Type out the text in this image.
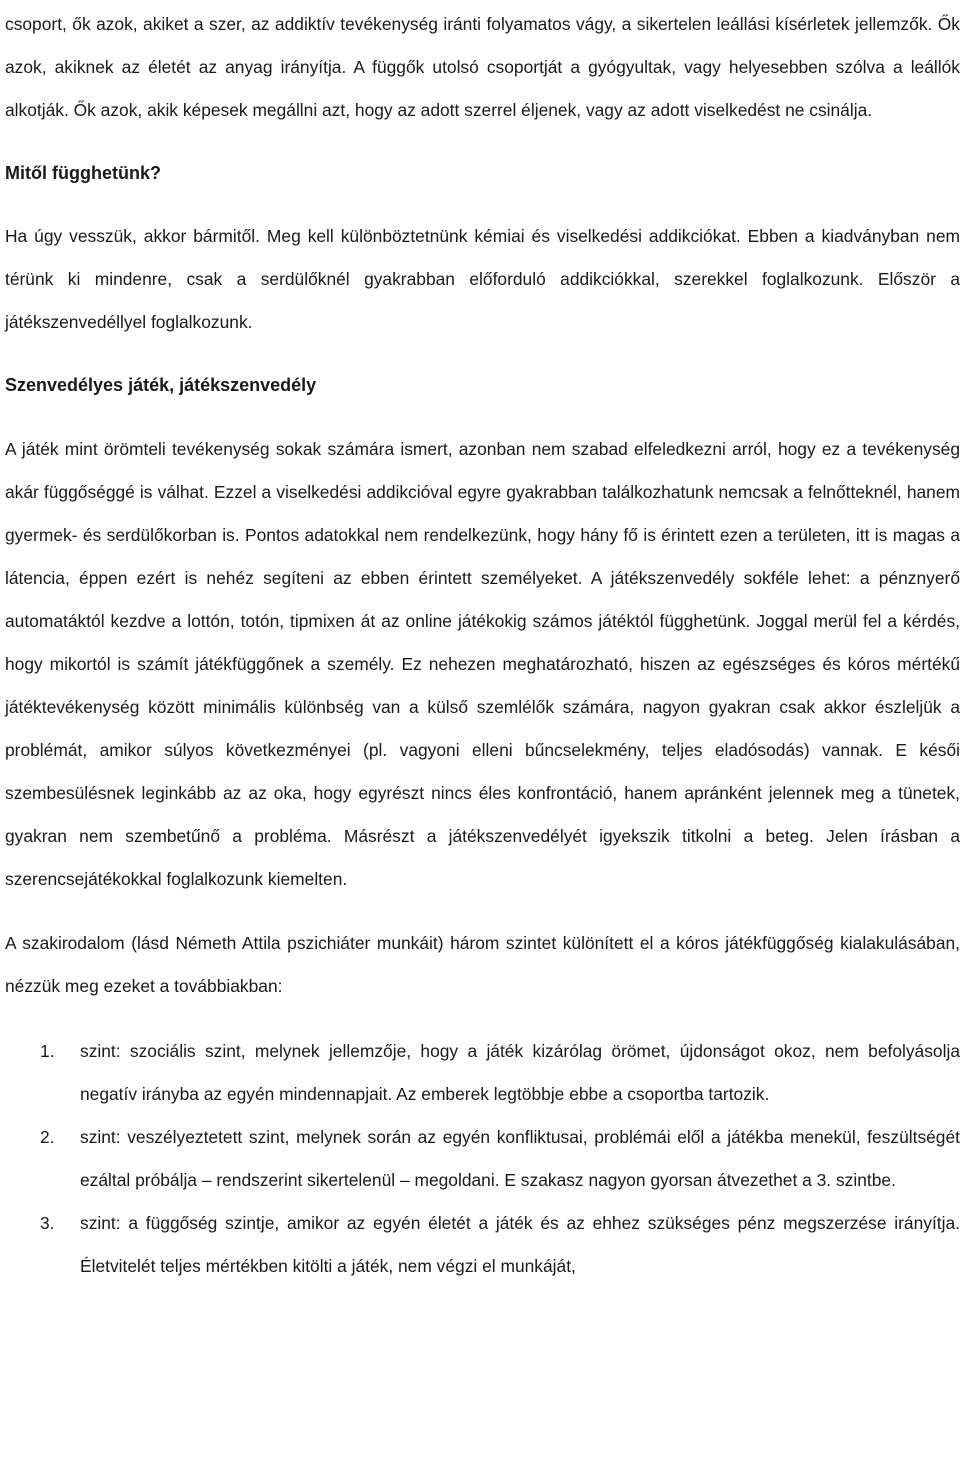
csoport, ők azok, akiket a szer, az addiktív tevékenység iránti folyamatos vágy, a sikertelen leállási kísérletek jellemzők. Ők azok, akiknek az életét az anyag irányítja. A függők utolsó csoportját a gyógyultak, vagy helyesebben szólva a leállók alkotják. Ők azok, akik képesek megállni azt, hogy az adott szerrel éljenek, vagy az adott viselkedést ne csinálja.

Mitől függhetünk?

Ha úgy vesszük, akkor bármitől. Meg kell különböztetnünk kémiai és viselkedési addikciókat. Ebben a kiadványban nem térünk ki mindenre, csak a serdülőknél gyakrabban előforduló addikciókkal, szerekkel foglalkozunk. Először a játékszenvedéllyel foglalkozunk.

Szenvedélyes játék, játékszenvedély

A játék mint örömteli tevékenység sokak számára ismert, azonban nem szabad elfeledkezni arról, hogy ez a tevékenység akár függőséggé is válhat. Ezzel a viselkedési addikcióval egyre gyakrabban találkozhatunk nemcsak a felnőtteknél, hanem gyermek- és serdülőkorban is. Pontos adatokkal nem rendelkezünk, hogy hány fő is érintett ezen a területen, itt is magas a látencia, éppen ezért is nehéz segíteni az ebben érintett személyeket. A játékszenvedély sokféle lehet: a pénznyerő automatáktól kezdve a lottón, totón, tipmixen át az online játékokig számos játéktól függhetünk. Joggal merül fel a kérdés, hogy mikortól is számít játékfüggőnek a személy. Ez nehezen meghatározható, hiszen az egészséges és kóros mértékű játéktevékenység között minimális különbség van a külső szemlélők számára, nagyon gyakran csak akkor észleljük a problémát, amikor súlyos következményei (pl. vagyoni elleni bűncselekmény, teljes eladósodás) vannak. E késői szembesülésnek leginkább az az oka, hogy egyrészt nincs éles konfrontáció, hanem apránként jelennek meg a tünetek, gyakran nem szembetűnő a probléma. Másrészt a játékszenvedélyét igyekszik titkolni a beteg. Jelen írásban a szerencsejátékokkal foglalkozunk kiemelten.

A szakirodalom (lásd Németh Attila pszichiáter munkáit) három szintet különített el a kóros játékfüggőség kialakulásában, nézzük meg ezeket a továbbiakban:

1. szint: szociális szint, melynek jellemzője, hogy a játék kizárólag örömet, újdonságot okoz, nem befolyásolja negatív irányba az egyén mindennapjait. Az emberek legtöbbje ebbe a csoportba tartozik.

2. szint: veszélyeztetett szint, melynek során az egyén konfliktusai, problémái elől a játékba menekül, feszültségét ezáltal próbálja – rendszerint sikertelenül – megoldani. E szakasz nagyon gyorsan átvezethet a 3. szintbe.

3. szint: a függőség szintje, amikor az egyén életét a játék és az ehhez szükséges pénz megszerzése irányítja. Életvitelét teljes mértékben kitölti a játék, nem végzi el munkáját,
